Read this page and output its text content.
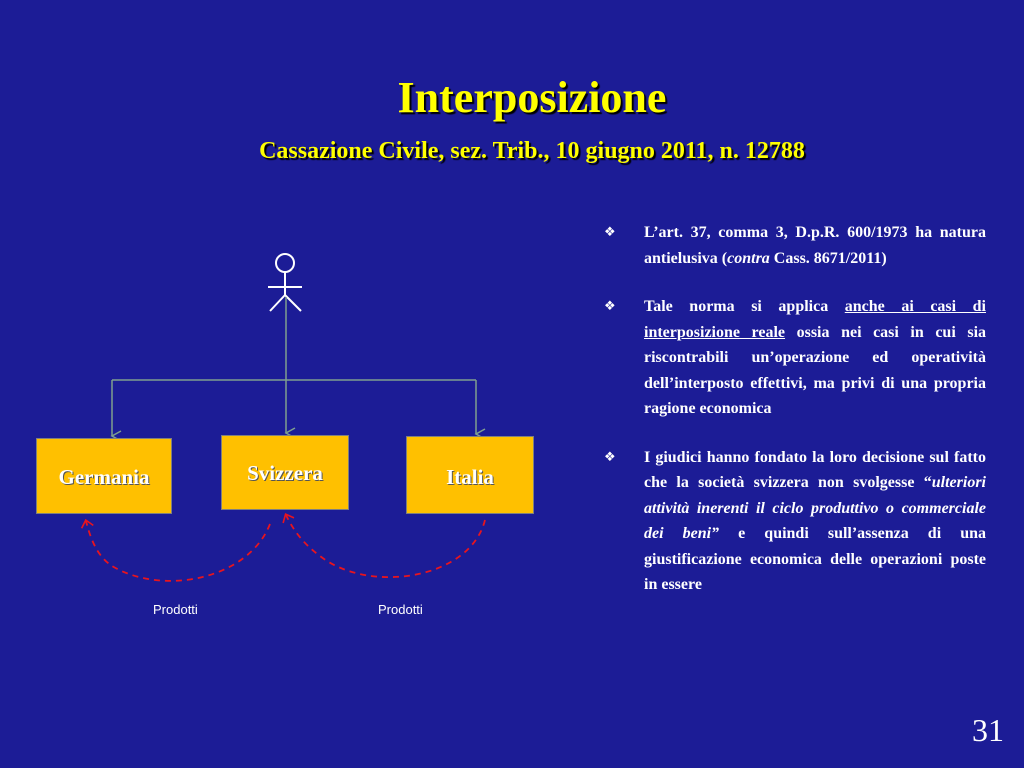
Interposizione
Cassazione Civile, sez. Trib., 10 giugno 2011, n. 12788
Germania	Svizzera	Italia
Prodotti	Prodotti
❖ L’art. 37, comma 3, D.p.R. 600/1973 ha natura antielusiva (contra Cass. 8671/2011)
❖ Tale norma si applica anche ai casi di interposizione reale ossia nei casi in cui sia riscontrabili un’operazione ed operatività dell’interposto effettivi, ma privi di una propria ragione economica
❖ I giudici hanno fondato la loro decisione sul fatto che la società svizzera non svolgesse “ulteriori attività inerenti il ciclo produttivo o commerciale dei beni” e quindi sull’assenza di una giustificazione economica delle operazioni poste in essere
31
